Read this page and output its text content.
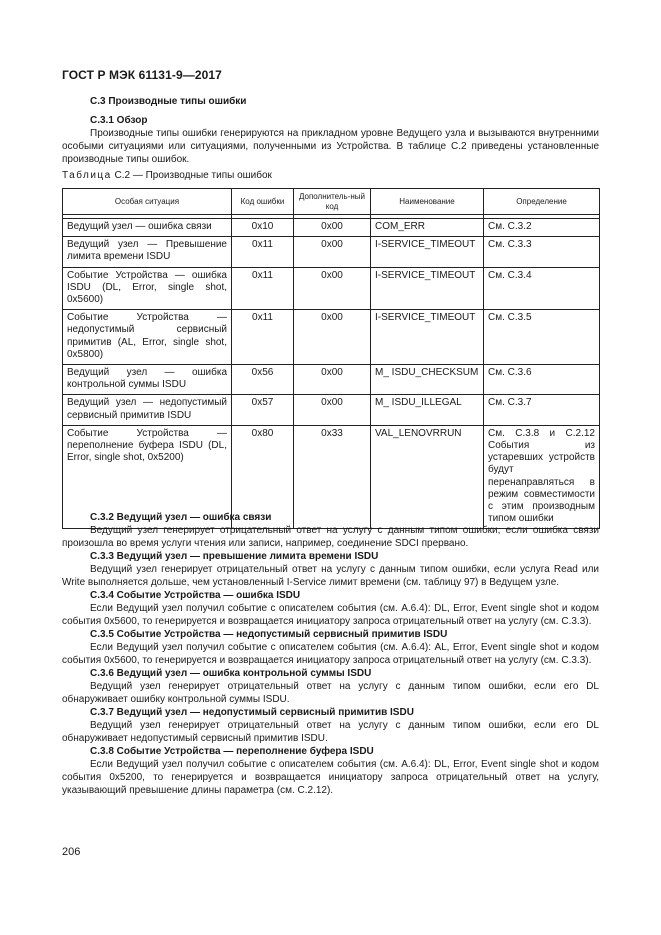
ГОСТ Р МЭК 61131-9—2017
С.3 Производные типы ошибки
С.3.1 Обзор
Производные типы ошибки генерируются на прикладном уровне Ведущего узла и вызываются внутренними особыми ситуациями или ситуациями, полученными из Устройства. В таблице С.2 приведены установленные производные типы ошибок.
Таблица С.2 — Производные типы ошибок
Особая ситуация	Код ошибки	Дополнитель-ный код	Наименование	Определение

Ведущий узел — ошибка связи	0x10	0x00	COM_ERR	См. С.3.2
Ведущий узел — Превышение лимита времени ISDU	0x11	0x00	I-SERVICE_TIMEOUT	См. С.3.3
Событие Устройства — ошибка ISDU (DL, Error, single shot, 0x5600)	0x11	0x00	I-SERVICE_TIMEOUT	См. С.3.4
Событие Устройства — недопустимый сервисный примитив (AL, Error, single shot, 0x5800)	0x11	0x00	I-SERVICE_TIMEOUT	См. С.3.5
Ведущий узел — ошибка контрольной суммы ISDU	0x56	0x00	M_ ISDU_CHECKSUM	См. С.3.6
Ведущий узел — недопустимый сервисный примитив ISDU	0x57	0x00	M_ ISDU_ILLEGAL	См. С.3.7
Событие Устройства — переполнение буфера ISDU (DL, Error, single shot, 0x5200)	0x80	0x33	VAL_LENOVRRUN	См. С.3.8 и С.2.12 События из устаревших устройств будут перенаправляться в режим совместимости с этим производным типом ошибки
С.3.2 Ведущий узел — ошибка связи
Ведущий узел генерирует отрицательный ответ на услугу с данным типом ошибки, если ошибка связи произошла во время услуги чтения или записи, например, соединение SDCI прервано.
С.3.3 Ведущий узел — превышение лимита времени ISDU
Ведущий узел генерирует отрицательный ответ на услугу с данным типом ошибки, если услуга Read или Write выполняется дольше, чем установленный I-Service лимит времени (см. таблицу 97) в Ведущем узле.
С.3.4 Событие Устройства — ошибка ISDU
Если Ведущий узел получил событие с описателем события (см. А.6.4): DL, Error, Event single shot и кодом события 0x5600, то генерируется и возвращается инициатору запроса отрицательный ответ на услугу (см. С.3.3).
С.3.5 Событие Устройства — недопустимый сервисный примитив ISDU
Если Ведущий узел получил событие с описателем события (см. А.6.4): AL, Error, Event single shot и кодом события 0x5600, то генерируется и возвращается инициатору запроса отрицательный ответ на услугу (см. С.3.3).
С.3.6 Ведущий узел — ошибка контрольной суммы ISDU
Ведущий узел генерирует отрицательный ответ на услугу с данным типом ошибки, если его DL обнаруживает ошибку контрольной суммы ISDU.
С.3.7 Ведущий узел — недопустимый сервисный примитив ISDU
Ведущий узел генерирует отрицательный ответ на услугу с данным типом ошибки, если его DL обнаруживает недопустимый сервисный примитив ISDU.
С.3.8 Событие Устройства — переполнение буфера ISDU
Если Ведущий узел получил событие с описателем события (см. А.6.4): DL, Error, Event single shot и кодом события 0x5200, то генерируется и возвращается инициатору запроса отрицательный ответ на услугу, указывающий превышение длины параметра (см. С.2.12).
206
